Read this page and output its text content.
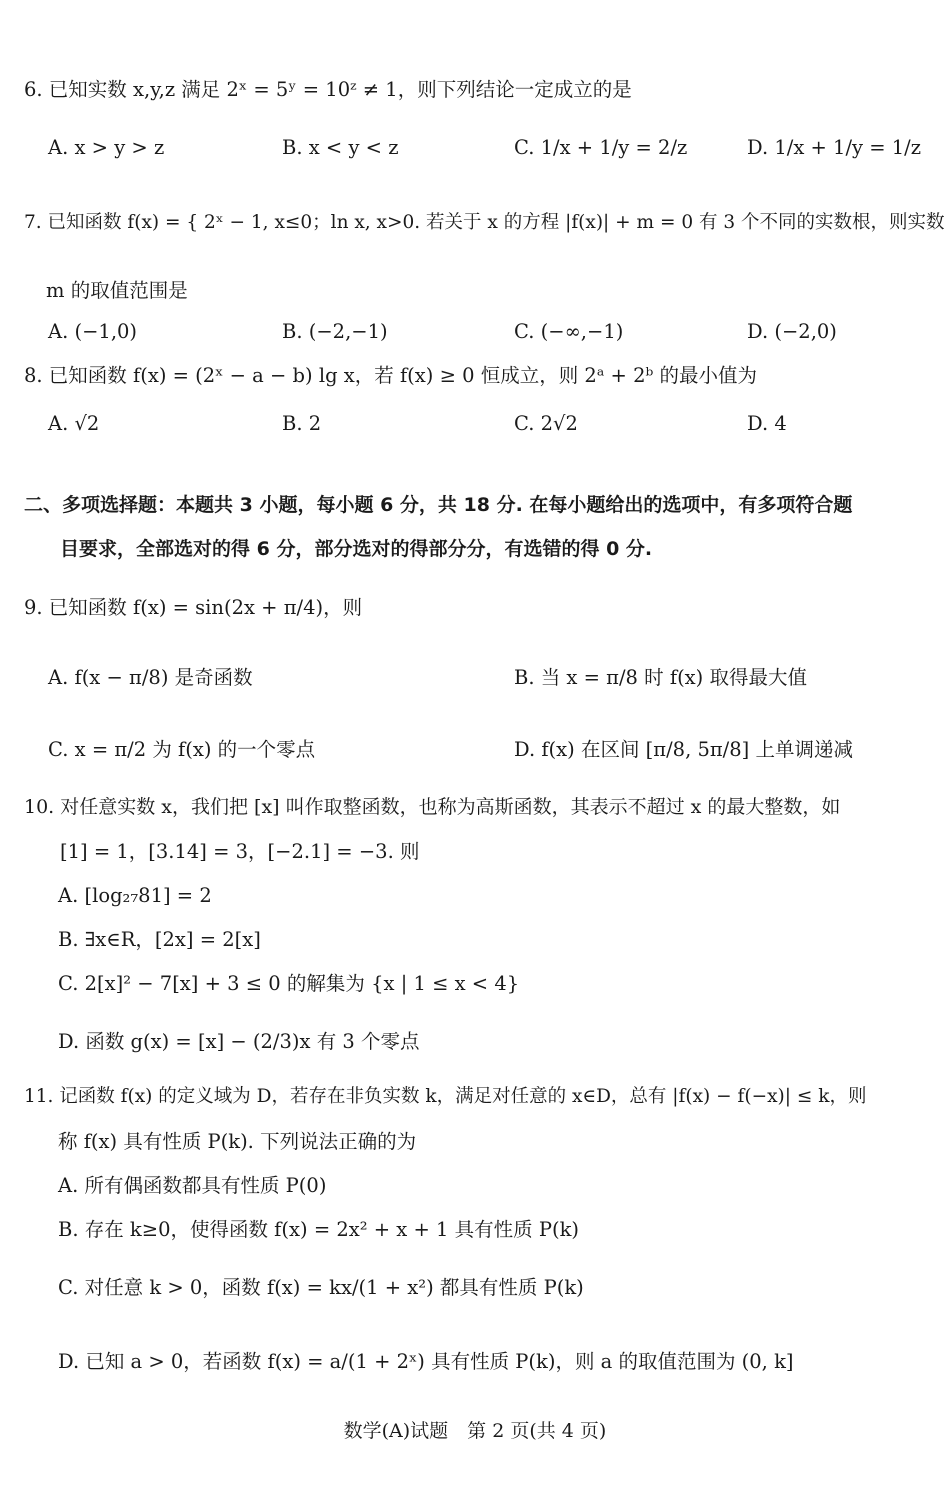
6. 已知实数 x,y,z 满足 2ˣ = 5ʸ = 10ᶻ ≠ 1，则下列结论一定成立的是
A. x > y > z	B. x < y < z	C. 1/x + 1/y = 2/z	D. 1/x + 1/y = 1/z
7. 已知函数 f(x) = { 2ˣ − 1, x≤0；ln x, x>0. 若关于 x 的方程 |f(x)| + m = 0 有 3 个不同的实数根，则实数
m 的取值范围是
A. (−1,0)	B. (−2,−1)	C. (−∞,−1)	D. (−2,0)
8. 已知函数 f(x) = (2ˣ − a − b) lg x，若 f(x) ≥ 0 恒成立，则 2ᵃ + 2ᵇ 的最小值为
A. √2	B. 2	C. 2√2	D. 4
二、多项选择题：本题共 3 小题，每小题 6 分，共 18 分. 在每小题给出的选项中，有多项符合题
目要求，全部选对的得 6 分，部分选对的得部分分，有选错的得 0 分.
9. 已知函数 f(x) = sin(2x + π/4)，则
A. f(x − π/8) 是奇函数	B. 当 x = π/8 时 f(x) 取得最大值
C. x = π/2 为 f(x) 的一个零点	D. f(x) 在区间 [π/8, 5π/8] 上单调递减
10. 对任意实数 x，我们把 [x] 叫作取整函数，也称为高斯函数，其表示不超过 x 的最大整数，如
[1] = 1，[3.14] = 3，[−2.1] = −3. 则
A. [log₂₇81] = 2
B. ∃x∈R，[2x] = 2[x]
C. 2[x]² − 7[x] + 3 ≤ 0 的解集为 {x | 1 ≤ x < 4}
D. 函数 g(x) = [x] − (2/3)x 有 3 个零点
11. 记函数 f(x) 的定义域为 D，若存在非负实数 k，满足对任意的 x∈D，总有 |f(x) − f(−x)| ≤ k，则
称 f(x) 具有性质 P(k). 下列说法正确的为
A. 所有偶函数都具有性质 P(0)
B. 存在 k≥0，使得函数 f(x) = 2x² + x + 1 具有性质 P(k)
C. 对任意 k > 0，函数 f(x) = kx/(1 + x²) 都具有性质 P(k)
D. 已知 a > 0，若函数 f(x) = a/(1 + 2ˣ) 具有性质 P(k)，则 a 的取值范围为 (0, k]
数学(A)试题　第 2 页(共 4 页)
